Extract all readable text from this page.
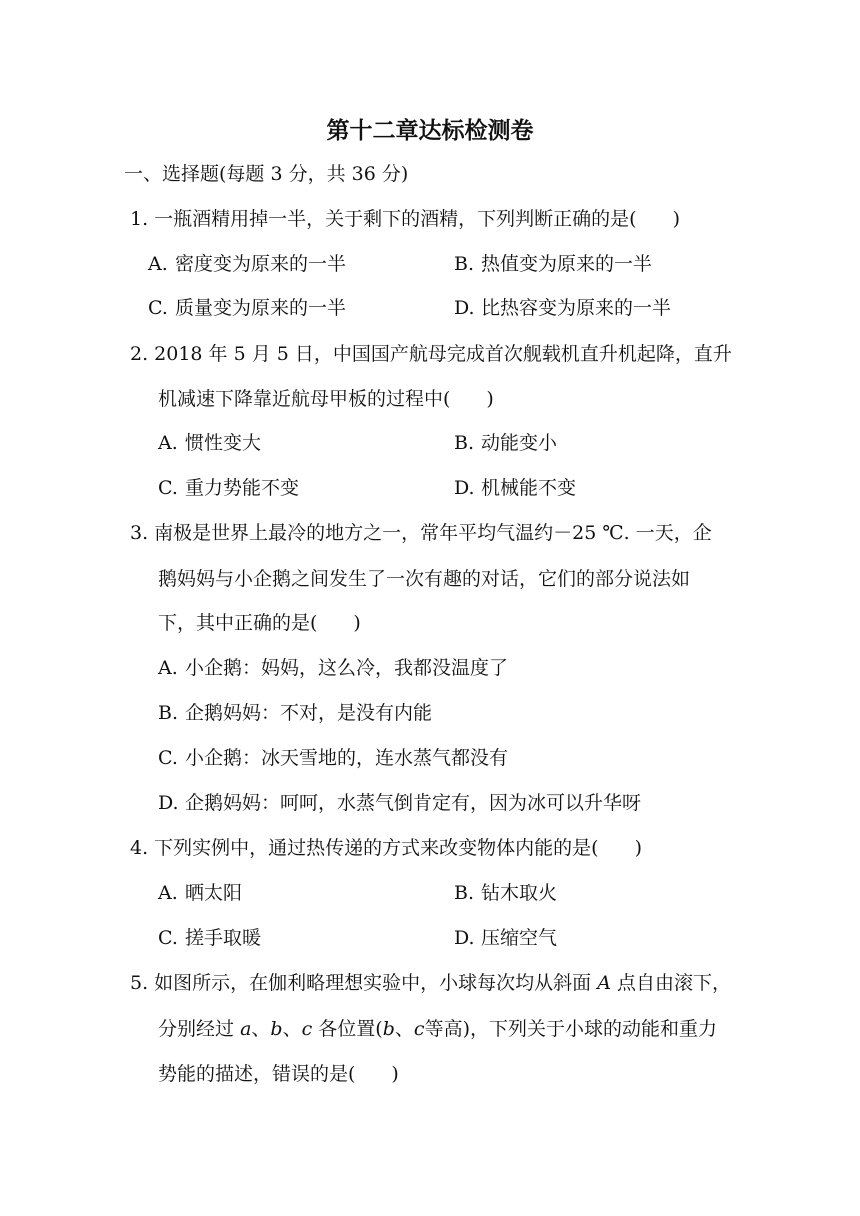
第十二章达标检测卷
一、选择题(每题 3 分，共 36 分)
1. 一瓶酒精用掉一半，关于剩下的酒精，下列判断正确的是( )
A. 密度变为原来的一半	B. 热值变为原来的一半
C. 质量变为原来的一半	D. 比热容变为原来的一半
2. 2018 年 5 月 5 日，中国国产航母完成首次舰载机直升机起降，直升
机减速下降靠近航母甲板的过程中( )
A. 惯性变大	B. 动能变小
C. 重力势能不变	D. 机械能不变
3. 南极是世界上最冷的地方之一，常年平均气温约－25 ℃. 一天，企
鹅妈妈与小企鹅之间发生了一次有趣的对话，它们的部分说法如
下，其中正确的是( )
A. 小企鹅：妈妈，这么冷，我都没温度了
B. 企鹅妈妈：不对，是没有内能
C. 小企鹅：冰天雪地的，连水蒸气都没有
D. 企鹅妈妈：呵呵，水蒸气倒肯定有，因为冰可以升华呀
4. 下列实例中，通过热传递的方式来改变物体内能的是( )
A. 晒太阳	B. 钻木取火
C. 搓手取暖	D. 压缩空气
5. 如图所示，在伽利略理想实验中，小球每次均从斜面 A 点自由滚下，
分别经过 a、b、c 各位置(b、c等高)，下列关于小球的动能和重力
势能的描述，错误的是( )
